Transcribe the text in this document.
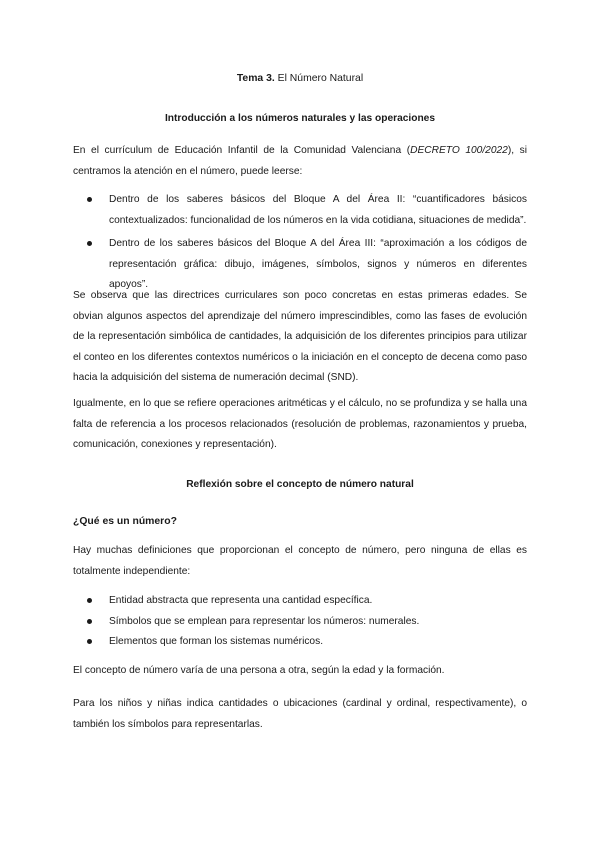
Tema 3. El Número Natural
Introducción a los números naturales y las operaciones

En el currículum de Educación Infantil de la Comunidad Valenciana (DECRETO 100/2022), si centramos la atención en el número, puede leerse:

Dentro de los saberes básicos del Bloque A del Área II: “cuantificadores básicos contextualizados: funcionalidad de los números en la vida cotidiana, situaciones de medida”.
Dentro de los saberes básicos del Bloque A del Área III: “aproximación a los códigos de representación gráfica: dibujo, imágenes, símbolos, signos y números en diferentes apoyos”.

Se observa que las directrices curriculares son poco concretas en estas primeras edades. Se obvian algunos aspectos del aprendizaje del número imprescindibles, como las fases de evolución de la representación simbólica de cantidades, la adquisición de los diferentes principios para utilizar el conteo en los diferentes contextos numéricos o la iniciación en el concepto de decena como paso hacia la adquisición del sistema de numeración decimal (SND).

Igualmente, en lo que se refiere operaciones aritméticas y el cálculo, no se profundiza y se halla una falta de referencia a los procesos relacionados (resolución de problemas, razonamientos y prueba, comunicación, conexiones y representación).

Reflexión sobre el concepto de número natural
¿Qué es un número?

Hay muchas definiciones que proporcionan el concepto de número, pero ninguna de ellas es totalmente independiente:

Entidad abstracta que representa una cantidad específica.
Símbolos que se emplean para representar los números: numerales.
Elementos que forman los sistemas numéricos.

El concepto de número varía de una persona a otra, según la edad y la formación.

Para los niños y niñas indica cantidades o ubicaciones (cardinal y ordinal, respectivamente), o también los símbolos para representarlas.
